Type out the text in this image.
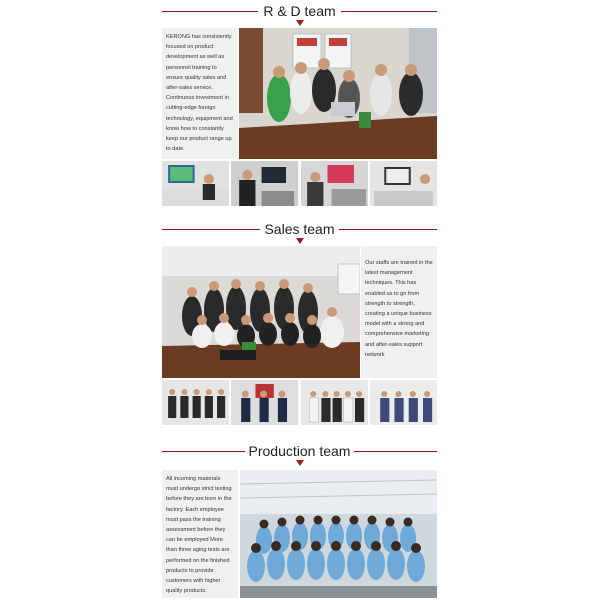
R & D team
KERONG has consistently focused on product development as well as personnel training to ensure quality sales and after-sales service. Continuous investment in cutting-edge foreign technology, equipment and know how to constantly keep our product range up to date.
Sales team
Our staffs are trained in the latest management techniques. This has enabled us to go from strength to strength, creating a unique business model with a strong and comprehensive marketing and after-sales support network
Production team
All incoming materials must undergo strict testing before they are born in the factory. Each employee must pass the training assessment before they can be employed More than three aging tests are performed on the finished products to provide customers with higher quality products.
